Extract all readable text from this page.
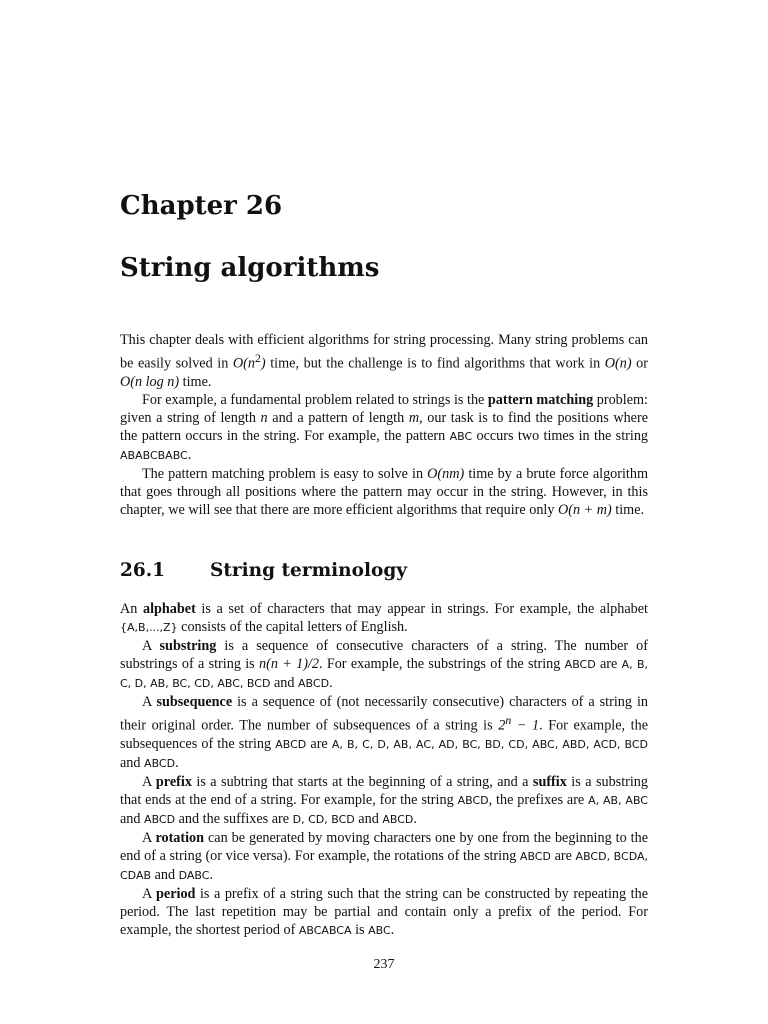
Chapter 26
String algorithms

This chapter deals with efficient algorithms for string processing. Many string problems can be easily solved in $O(n^2)$ time, but the challenge is to find algorithms that work in O(n) or O(n log n) time.

For example, a fundamental problem related to strings is the pattern matching problem: given a string of length n and a pattern of length m, our task is to find the positions where the pattern occurs in the string. For example, the pattern ABC occurs two times in the string ABABCBABC.

The pattern matching problem is easy to solve in O(nm) time by a brute force algorithm that goes through all positions where the pattern may occur in the string. However, in this chapter, we will see that there are more efficient algorithms that require only O(n + m) time.

26.1 String terminology

An alphabet is a set of characters that may appear in strings. For example, the alphabet {A,B,...,Z} consists of the capital letters of English.

A substring is a sequence of consecutive characters of a string. The number of substrings of a string is n(n + 1)/2. For example, the substrings of the string ABCD are A, B, C, D, AB, BC, CD, ABC, BCD and ABCD.

A subsequence is a sequence of (not necessarily consecutive) characters of a string in their original order. The number of subsequences of a string is $2^n - 1$. For example, the subsequences of the string ABCD are A, B, C, D, AB, AC, AD, BC, BD, CD, ABC, ABD, ACD, BCD and ABCD.

A prefix is a subtring that starts at the beginning of a string, and a suffix is a substring that ends at the end of a string. For example, for the string ABCD, the prefixes are A, AB, ABC and ABCD and the suffixes are D, CD, BCD and ABCD.

A rotation can be generated by moving characters one by one from the beginning to the end of a string (or vice versa). For example, the rotations of the string ABCD are ABCD, BCDA, CDAB and DABC.

A period is a prefix of a string such that the string can be constructed by repeating the period. The last repetition may be partial and contain only a prefix of the period. For example, the shortest period of ABCABCA is ABC.

237
